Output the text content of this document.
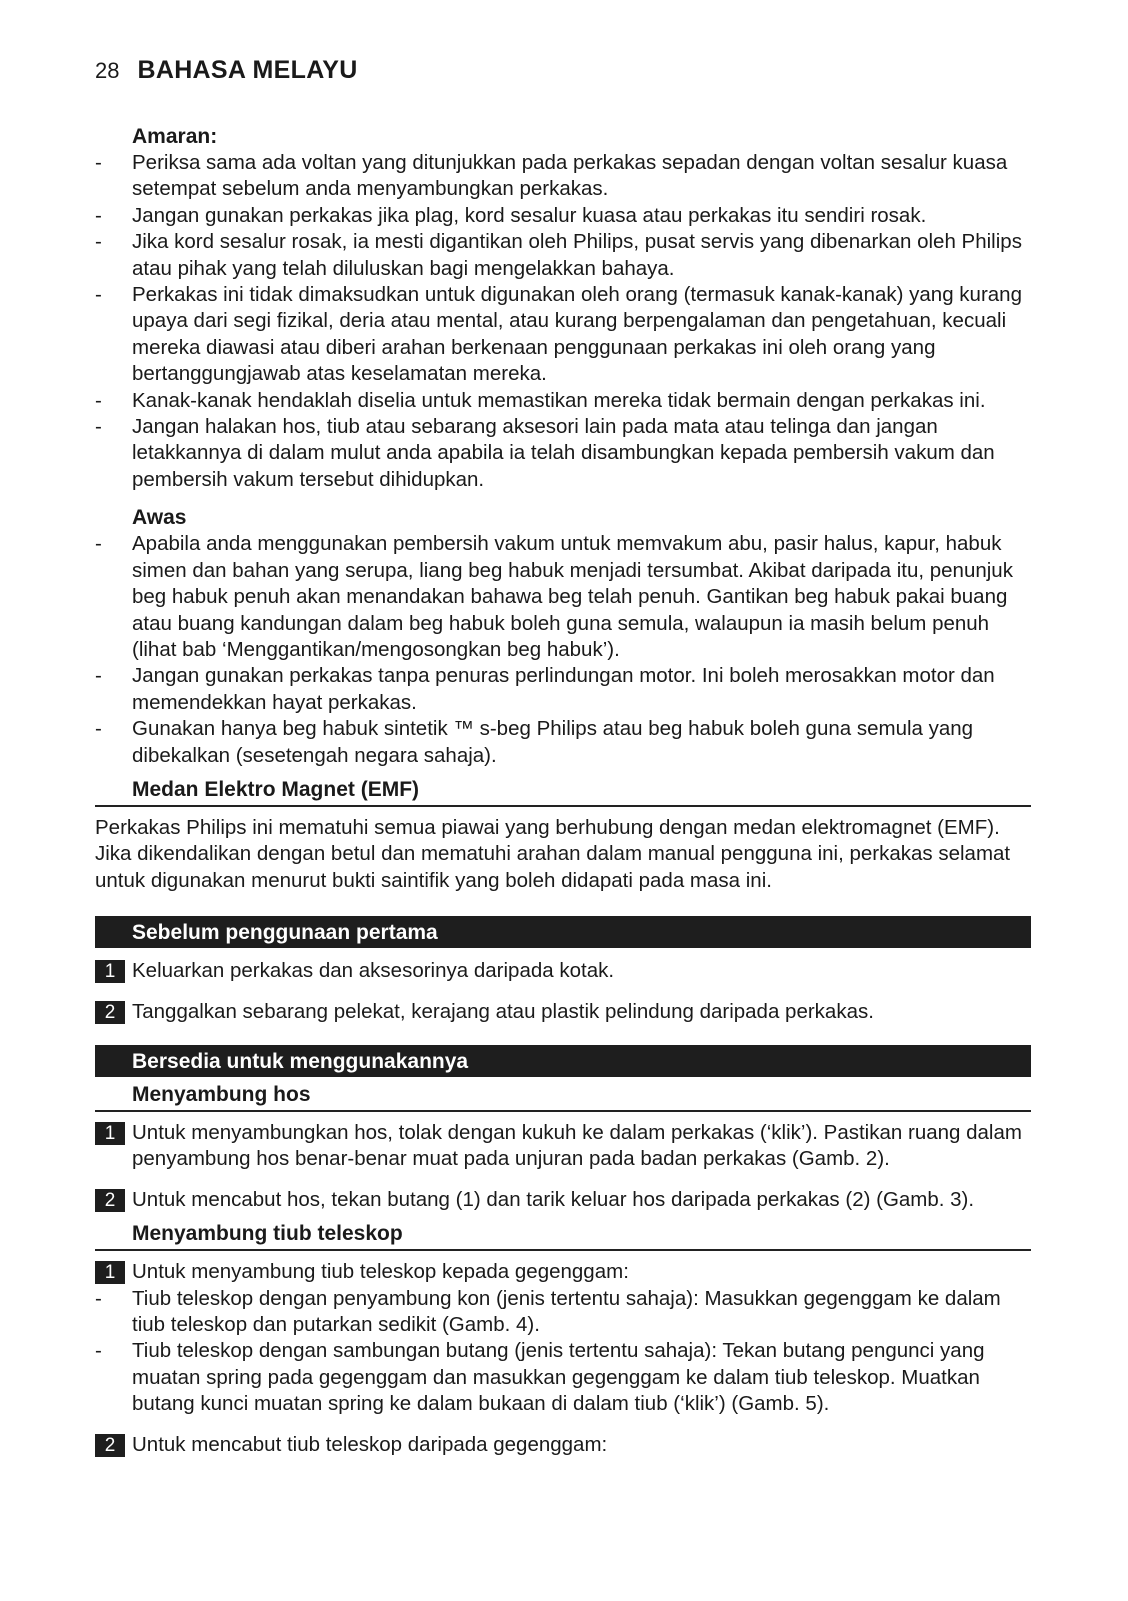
28 BAHASA MELAYU
Amaran:
- Periksa sama ada voltan yang ditunjukkan pada perkakas sepadan dengan voltan sesalur kuasa setempat sebelum anda menyambungkan perkakas.
- Jangan gunakan perkakas jika plag, kord sesalur kuasa atau perkakas itu sendiri rosak.
- Jika kord sesalur rosak, ia mesti digantikan oleh Philips, pusat servis yang dibenarkan oleh Philips atau pihak yang telah diluluskan bagi mengelakkan bahaya.
- Perkakas ini tidak dimaksudkan untuk digunakan oleh orang (termasuk kanak-kanak) yang kurang upaya dari segi fizikal, deria atau mental, atau kurang berpengalaman dan pengetahuan, kecuali mereka diawasi atau diberi arahan berkenaan penggunaan perkakas ini oleh orang yang bertanggungjawab atas keselamatan mereka.
- Kanak-kanak hendaklah diselia untuk memastikan mereka tidak bermain dengan perkakas ini.
- Jangan halakan hos, tiub atau sebarang aksesori lain pada mata atau telinga dan jangan letakkannya di dalam mulut anda apabila ia telah disambungkan kepada pembersih vakum dan pembersih vakum tersebut dihidupkan.
Awas
- Apabila anda menggunakan pembersih vakum untuk memvakum abu, pasir halus, kapur, habuk simen dan bahan yang serupa, liang beg habuk menjadi tersumbat. Akibat daripada itu, penunjuk beg habuk penuh akan menandakan bahawa beg telah penuh. Gantikan beg habuk pakai buang atau buang kandungan dalam beg habuk boleh guna semula, walaupun ia masih belum penuh (lihat bab ‘Menggantikan/mengosongkan beg habuk’).
- Jangan gunakan perkakas tanpa penuras perlindungan motor. Ini boleh merosakkan motor dan memendekkan hayat perkakas.
- Gunakan hanya beg habuk sintetik ™ s-beg Philips atau beg habuk boleh guna semula yang dibekalkan (sesetengah negara sahaja).
Medan Elektro Magnet (EMF)
Perkakas Philips ini mematuhi semua piawai yang berhubung dengan medan elektromagnet (EMF). Jika dikendalikan dengan betul dan mematuhi arahan dalam manual pengguna ini, perkakas selamat untuk digunakan menurut bukti saintifik yang boleh didapati pada masa ini.
Sebelum penggunaan pertama
1 Keluarkan perkakas dan aksesorinya daripada kotak.
2 Tanggalkan sebarang pelekat, kerajang atau plastik pelindung daripada perkakas.
Bersedia untuk menggunakannya
Menyambung hos
1 Untuk menyambungkan hos, tolak dengan kukuh ke dalam perkakas (‘klik’). Pastikan ruang dalam penyambung hos benar-benar muat pada unjuran pada badan perkakas (Gamb. 2).
2 Untuk mencabut hos, tekan butang (1) dan tarik keluar hos daripada perkakas (2) (Gamb. 3).
Menyambung tiub teleskop
1 Untuk menyambung tiub teleskop kepada gegenggam:
- Tiub teleskop dengan penyambung kon (jenis tertentu sahaja): Masukkan gegenggam ke dalam tiub teleskop dan putarkan sedikit (Gamb. 4).
- Tiub teleskop dengan sambungan butang (jenis tertentu sahaja): Tekan butang pengunci yang muatan spring pada gegenggam dan masukkan gegenggam ke dalam tiub teleskop. Muatkan butang kunci muatan spring ke dalam bukaan di dalam tiub (‘klik’) (Gamb. 5).
2 Untuk mencabut tiub teleskop daripada gegenggam:
